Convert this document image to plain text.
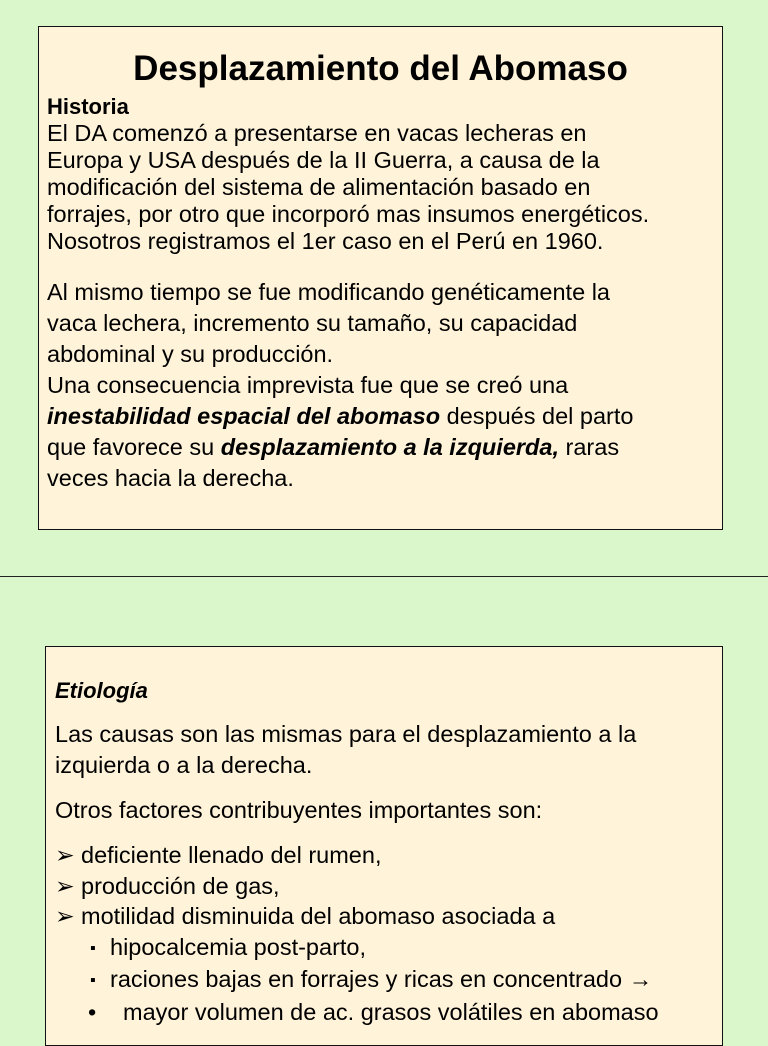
Desplazamiento del Abomaso
Historia
El DA comenzó a presentarse en vacas lecheras en
Europa y USA después de la II Guerra, a causa de la
modificación del sistema de alimentación basado en
forrajes, por otro que incorporó mas insumos energéticos.
Nosotros registramos el 1er caso en el Perú en 1960.
Al mismo tiempo se fue modificando genéticamente la
vaca lechera, incremento su tamaño, su capacidad
abdominal y su producción.
Una consecuencia imprevista fue que se creó una
inestabilidad espacial del abomaso después del parto
que favorece su desplazamiento a la izquierda, raras
veces hacia la derecha.
Etiología
Las causas son las mismas para el desplazamiento a la
izquierda o a la derecha.
Otros factores contribuyentes importantes son:
➢ deficiente llenado del rumen,
➢ producción de gas,
➢ motilidad disminuida del abomaso asociada a
▪ hipocalcemia post-parto,
▪ raciones bajas en forrajes y ricas en concentrado →
• mayor volumen de ac. grasos volátiles en abomaso
